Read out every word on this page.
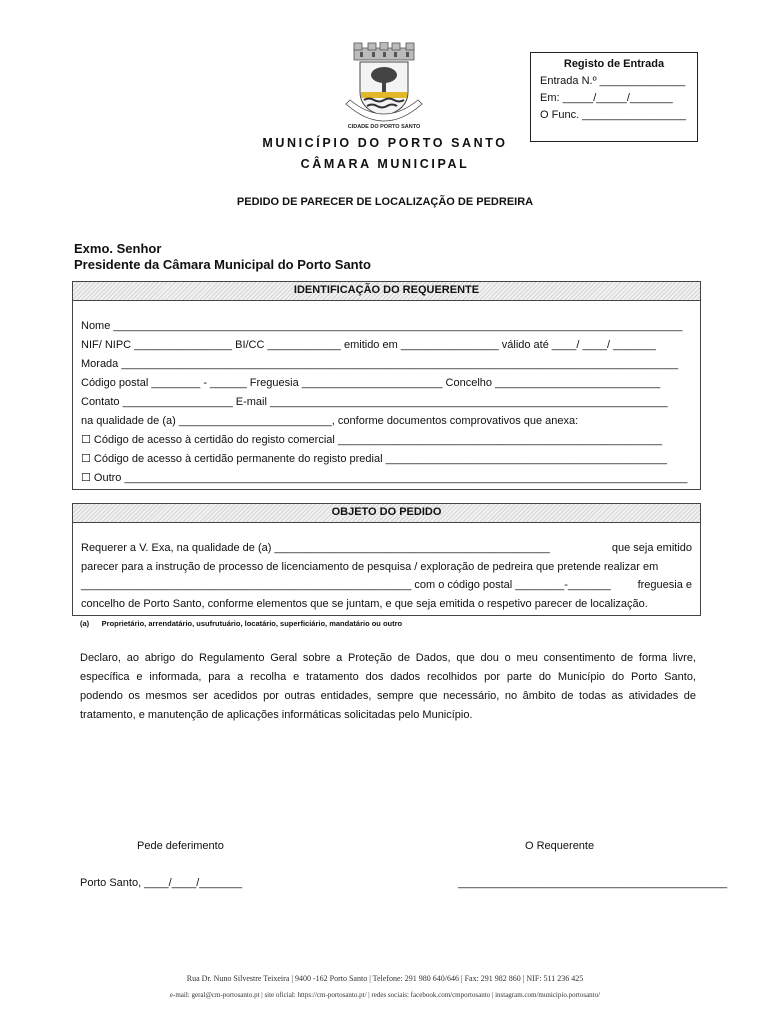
CIDADE DO PORTO SANTO
Registo de Entrada
Entrada N.º ______________
Em: _____/_____/_______
O Func. _________________
MUNICÍPIO DO PORTO SANTO
CÂMARA MUNICIPAL
PEDIDO DE PARECER DE LOCALIZAÇÃO DE PEDREIRA
Exmo. Senhor
Presidente da Câmara Municipal do Porto Santo
IDENTIFICAÇÃO DO REQUERENTE
Nome _____________________________________________________________________________________________
NIF/ NIPC ________________ BI/CC ____________ emitido em ________________ válido até ____/ ____/ _______
Morada ___________________________________________________________________________________________
Código postal ________ - ______ Freguesia _______________________ Concelho ___________________________
Contato __________________ E-mail _________________________________________________________________
na qualidade de (a) _________________________, conforme documentos comprovativos que anexa:
☐ Código de acesso à certidão do registo comercial _____________________________________________________
☐ Código de acesso à certidão permanente do registo predial ______________________________________________
☐ Outro ____________________________________________________________________________________________
OBJETO DO PEDIDO
Requerer a V. Exa, na qualidade de (a) _____________________________________________	que seja emitido
parecer para a instrução de processo de licenciamento de pesquisa / exploração de pedreira que pretende realizar em
______________________________________________________ com o código postal ________-_______ freguesia e
concelho de Porto Santo, conforme elementos que se juntam, e que seja emitida o respetivo parecer de localização.
(a)      Proprietário, arrendatário, usufrutuário, locatário, superficiário, mandatário ou outro
Declaro, ao abrigo do Regulamento Geral sobre a Proteção de Dados, que dou o meu consentimento de forma livre,
específica e informada, para a recolha e tratamento dos dados recolhidos por parte do Município do Porto Santo,
podendo os mesmos ser acedidos por outras entidades, sempre que necessário, no âmbito de todas as atividades de
tratamento, e manutenção de aplicações informáticas solicitadas pelo Município.
Pede deferimento	O Requerente
Porto Santo, ____/____/_______	____________________________________________
Rua Dr. Nuno Silvestre Teixeira | 9400 -162 Porto Santo | Telefone: 291 980 640/646 | Fax: 291 982 860 | NIF: 511 236 425
e-mail: geral@cm-portosanto.pt | site oficial: https://cm-portosanto.pt/ | redes sociais: facebook.com/cmportosanto | instagram.com/municipio.portosanto/
